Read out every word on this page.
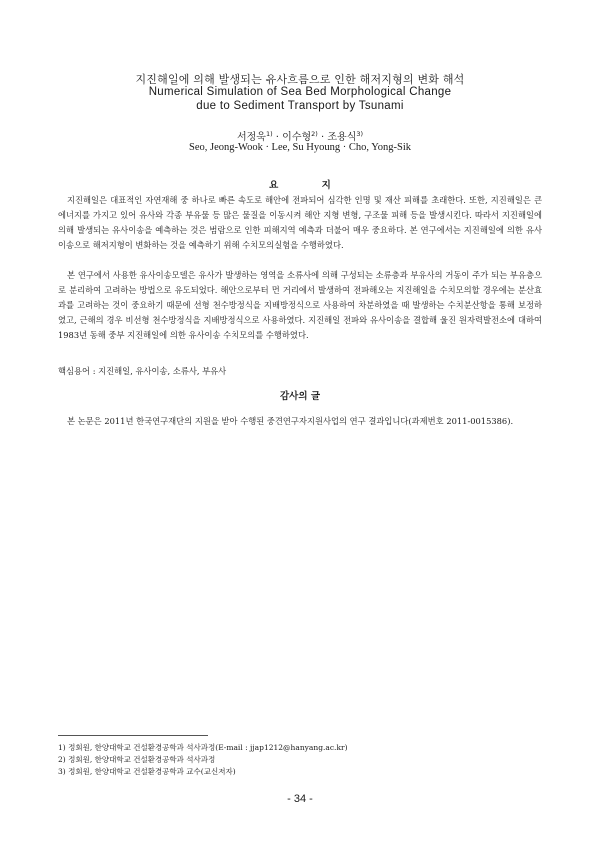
지진해일에 의해 발생되는 유사흐름으로 인한 해저지형의 변화 해석
Numerical Simulation of Sea Bed Morphological Change
due to Sediment Transport by Tsunami
서정욱$^{1)}$ · 이수형$^{2)}$ · 조용식$^{3)}$
Seo, Jeong-Wook · Lee, Su Hyoung · Cho, Yong-Sik
요 지
지진해일은 대표적인 자연재해 중 하나로 빠른 속도로 해안에 전파되어 심각한 인명 및 재산 피해를 초래한다. 또한, 지진해일은 큰 에너지를 가지고 있어 유사와 각종 부유물 등 많은 물질을 이동시켜 해안 지형 변형, 구조물 피해 등을 발생시킨다. 따라서 지진해일에 의해 발생되는 유사이송을 예측하는 것은 범람으로 인한 피해지역 예측과 더불어 매우 중요하다. 본 연구에서는 지진해일에 의한 유사이송으로 해저지형이 변화하는 것을 예측하기 위해 수치모의실험을 수행하였다.
본 연구에서 사용한 유사이송모델은 유사가 발생하는 영역을 소류사에 의해 구성되는 소류층과 부유사의 거동이 주가 되는 부유층으로 분리하여 고려하는 방법으로 유도되었다. 해안으로부터 먼 거리에서 발생하여 전파해오는 지진해일을 수치모의할 경우에는 분산효과를 고려하는 것이 중요하기 때문에 선형 천수방정식을 지배방정식으로 사용하여 차분하였을 때 발생하는 수치분산항을 통해 보정하였고, 근해의 경우 비선형 천수방정식을 지배방정식으로 사용하였다. 지진해일 전파와 유사이송을 결합해 울진 원자력발전소에 대하여 1983년 동해 중부 지진해일에 의한 유사이송 수치모의를 수행하였다.
핵심용어 : 지진해일, 유사이송, 소류사, 부유사
감사의 글
본 논문은 2011년 한국연구재단의 지원을 받아 수행된 중견연구자지원사업의 연구 결과입니다(과제번호 2011-0015386).
1) 정회원, 한양대학교 건설환경공학과 석사과정(E-mail : jjap1212@hanyang.ac.kr)
2) 정회원, 한양대학교 건설환경공학과 석사과정
3) 정회원, 한양대학교 건설환경공학과 교수(교신저자)
- 34 -
